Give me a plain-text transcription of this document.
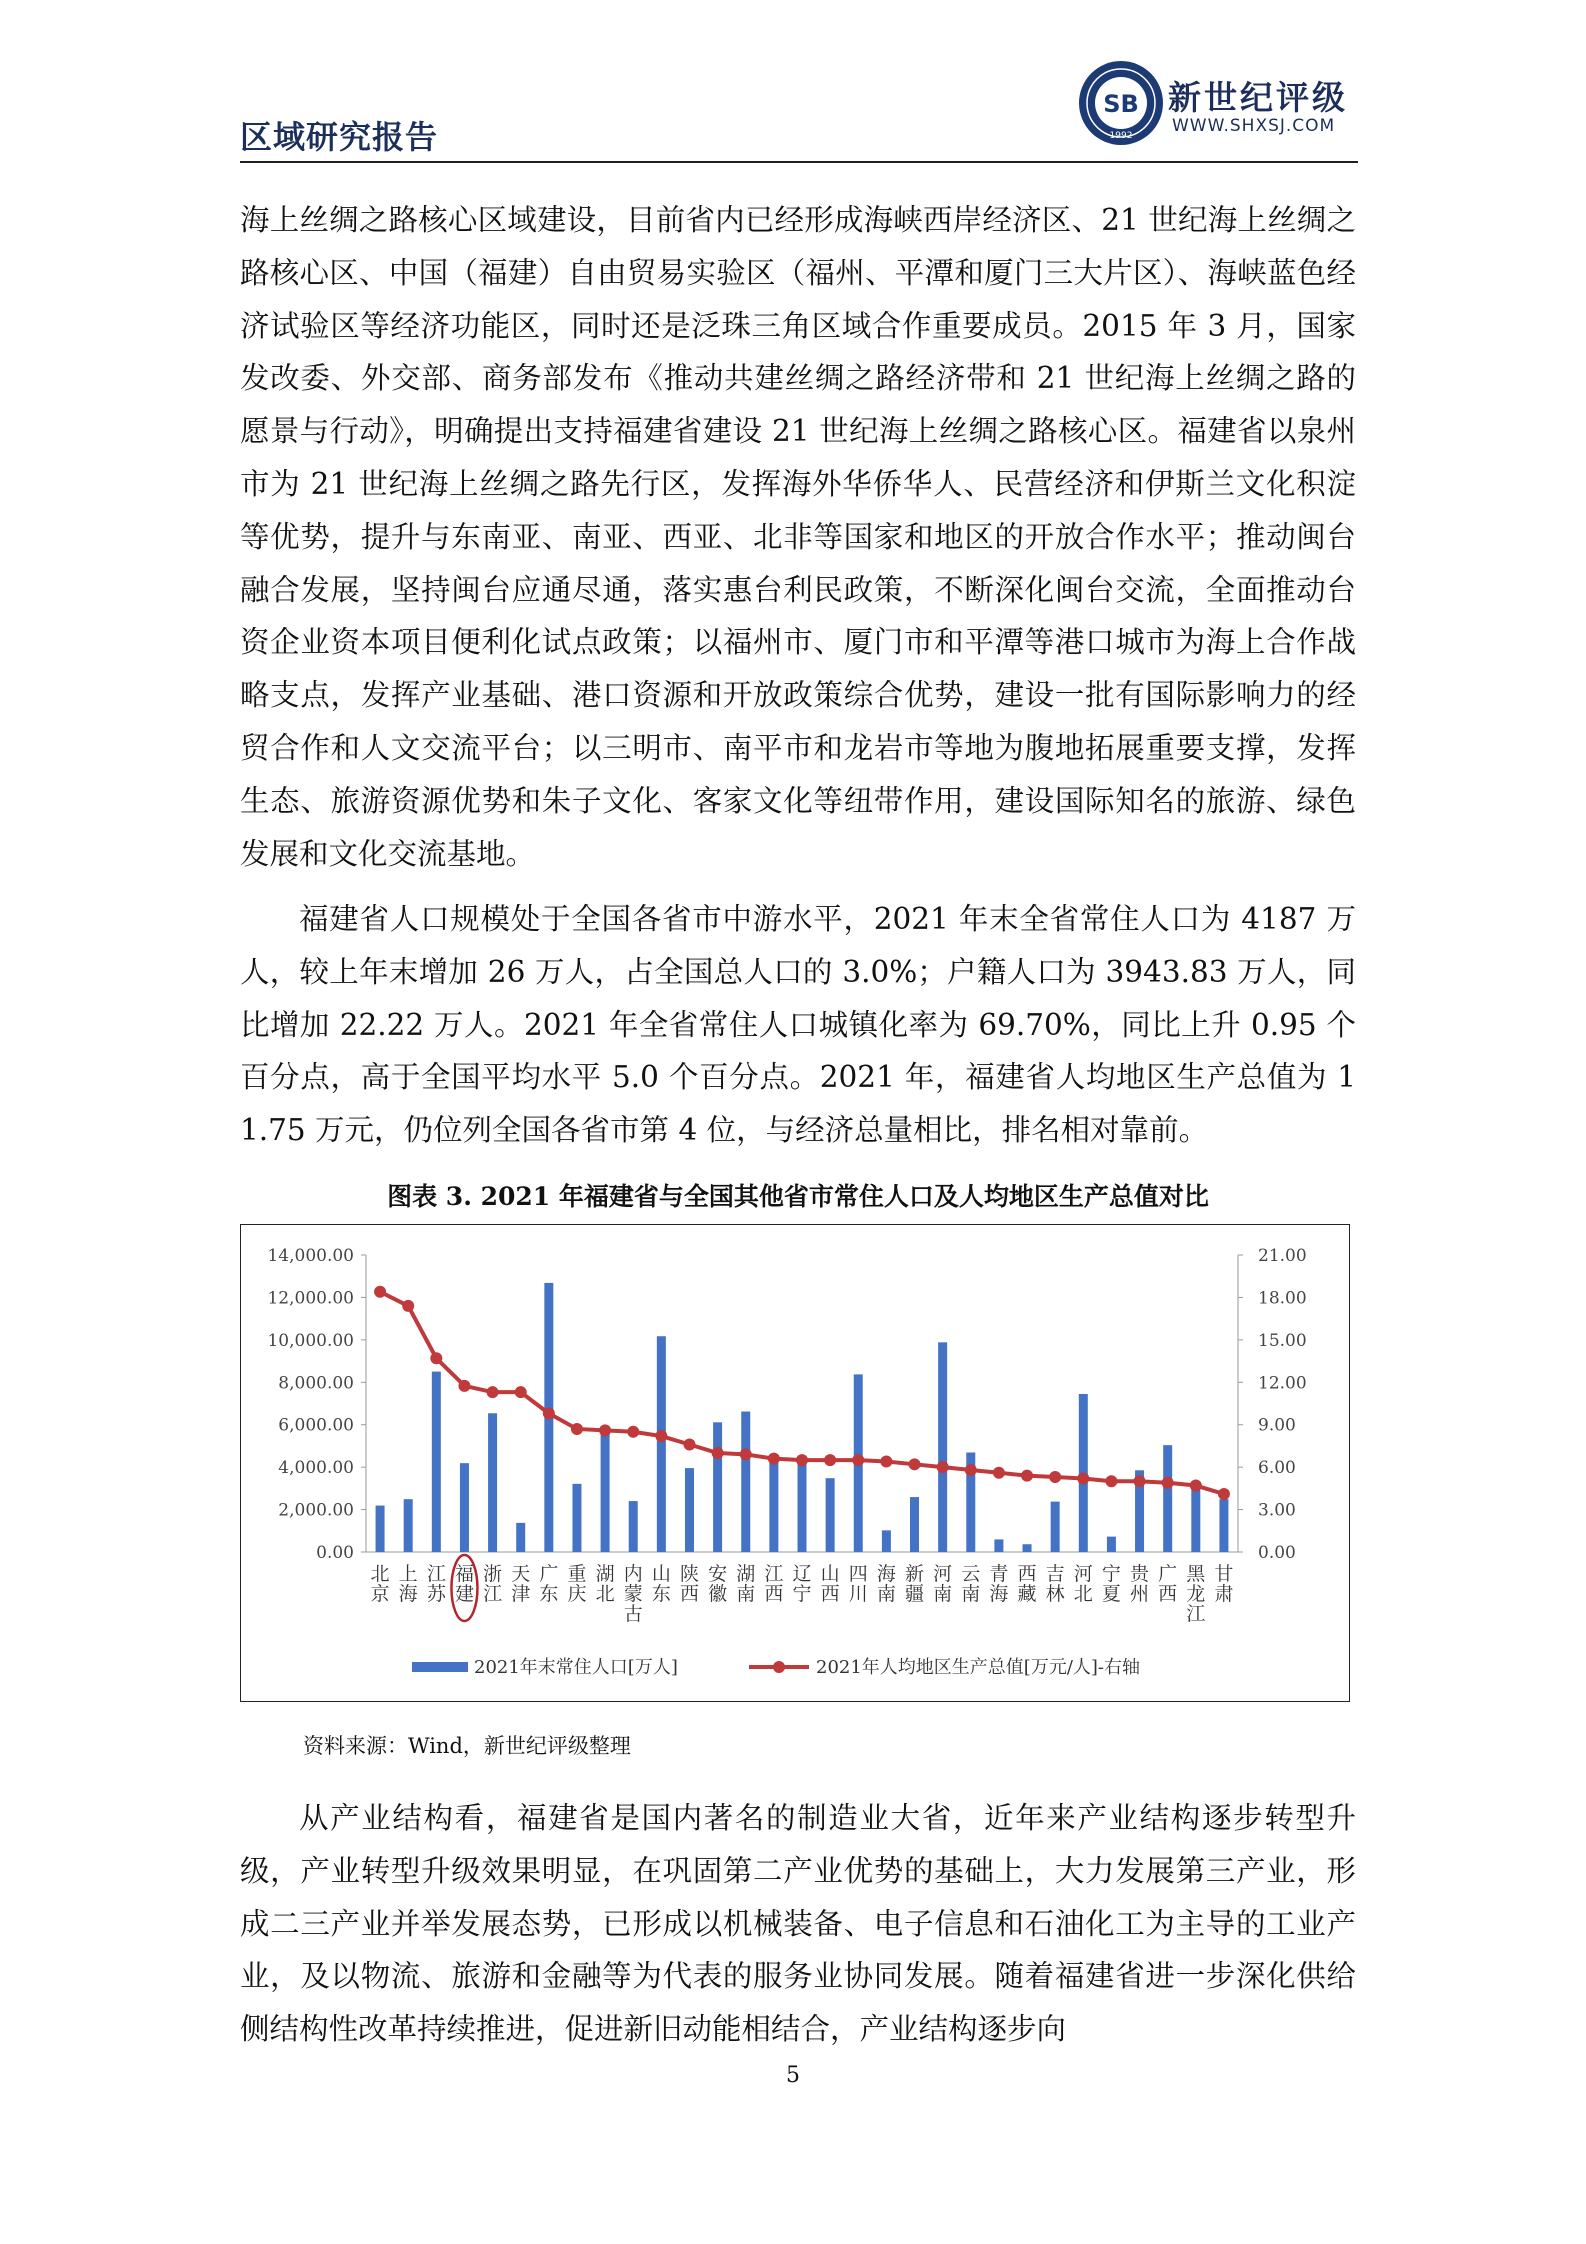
区域研究报告
SB
1992
新世纪评级
WWW.SHXSJ.COM

海上丝绸之路核心区域建设，目前省内已经形成海峡西岸经济区、21 世纪海上丝绸之路核心区、中国（福建）自由贸易实验区（福州、平潭和厦门三大片区）、海峡蓝色经济试验区等经济功能区，同时还是泛珠三角区域合作重要成员。2015 年 3 月，国家发改委、外交部、商务部发布《推动共建丝绸之路经济带和 21 世纪海上丝绸之路的愿景与行动》，明确提出支持福建省建设 21 世纪海上丝绸之路核心区。福建省以泉州市为 21 世纪海上丝绸之路先行区，发挥海外华侨华人、民营经济和伊斯兰文化积淀等优势，提升与东南亚、南亚、西亚、北非等国家和地区的开放合作水平；推动闽台融合发展，坚持闽台应通尽通，落实惠台利民政策，不断深化闽台交流，全面推动台资企业资本项目便利化试点政策；以福州市、厦门市和平潭等港口城市为海上合作战略支点，发挥产业基础、港口资源和开放政策综合优势，建设一批有国际影响力的经贸合作和人文交流平台；以三明市、南平市和龙岩市等地为腹地拓展重要支撑，发挥生态、旅游资源优势和朱子文化、客家文化等纽带作用，建设国际知名的旅游、绿色发展和文化交流基地。

福建省人口规模处于全国各省市中游水平，2021 年末全省常住人口为 4187 万人，较上年末增加 26 万人，占全国总人口的 3.0%；户籍人口为 3943.83 万人，同比增加 22.22 万人。2021 年全省常住人口城镇化率为 69.70%，同比上升 0.95 个百分点，高于全国平均水平 5.0 个百分点。2021 年，福建省人均地区生产总值为 11.75 万元，仍位列全国各省市第 4 位，与经济总量相比，排名相对靠前。

图表 3. 2021 年福建省与全国其他省市常住人口及人均地区生产总值对比
0.00
2,000.00
4,000.00
6,000.00
8,000.00
10,000.00
12,000.00
14,000.00
0.00
3.00
6.00
9.00
12.00
15.00
18.00
21.00
北京
上海
江苏
福建
浙江
天津
广东
重庆
湖北
内蒙古
山东
陕西
安徽
湖南
江西
辽宁
山西
四川
海南
新疆
河南
云南
青海
西藏
吉林
河北
宁夏
贵州
广西
黑龙江
甘肃
2021年末常住人口[万人]	2021年人均地区生产总值[万元/人]-右轴
资料来源：Wind，新世纪评级整理

从产业结构看，福建省是国内著名的制造业大省，近年来产业结构逐步转型升级，产业转型升级效果明显，在巩固第二产业优势的基础上，大力发展第三产业，形成二三产业并举发展态势，已形成以机械装备、电子信息和石油化工为主导的工业产业，及以物流、旅游和金融等为代表的服务业协同发展。随着福建省进一步深化供给侧结构性改革持续推进，促进新旧动能相结合，产业结构逐步向

5
